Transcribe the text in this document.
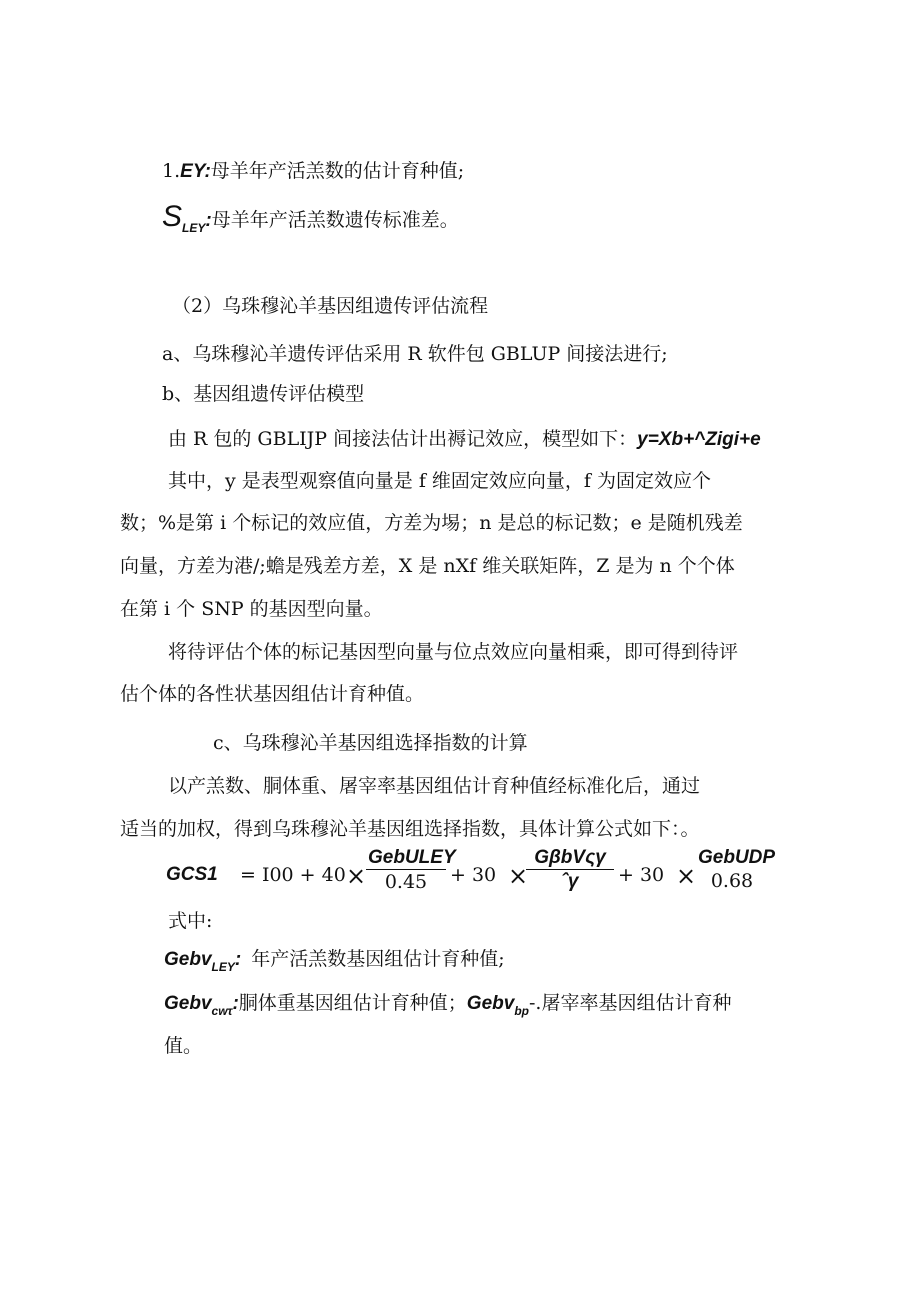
1.EY:母羊年产活羔数的估计育种值;
$S_{LEY}$:母羊年产活羔数遗传标准差。
（2）乌珠穆沁羊基因组遗传评估流程
a、乌珠穆沁羊遗传评估采用 R 软件包 GBLUP 间接法进行;
b、基因组遗传评估模型
由 R 包的 GBLIJP 间接法估计出褥记效应，模型如下：y=Xb+^Zigi+e
其中，y 是表型观察值向量是 f 维固定效应向量，f 为固定效应个
数；%是第 i 个标记的效应值，方差为埸；n 是总的标记数；e 是随机残差
向量，方差为港/;蟾是残差方差，X 是 nXf 维关联矩阵，Z 是为 n 个个体
在第 i 个 SNP 的基因型向量。
将待评估个体的标记基因型向量与位点效应向量相乘，即可得到待评
估个体的各性状基因组估计育种值。
c、乌珠穆沁羊基因组选择指数的计算
以产羔数、胴体重、屠宰率基因组估计育种值经标准化后，通过
适当的加权，得到乌珠穆沁羊基因组选择指数，具体计算公式如下：。
GCS1 = I00 + 40 ×
GebULEY
0.45	+ 30 ×
GβbVςγ
ˆγ	+ 30 ×
GebUDP
0.68
式中:
Gebv$_{LEY}$: 年产活羔数基因组估计育种值;
Gebv$_{cw\tau}$:胴体重基因组估计育种值；Gebv$_{bp}$-.屠宰率基因组估计育种
值。
